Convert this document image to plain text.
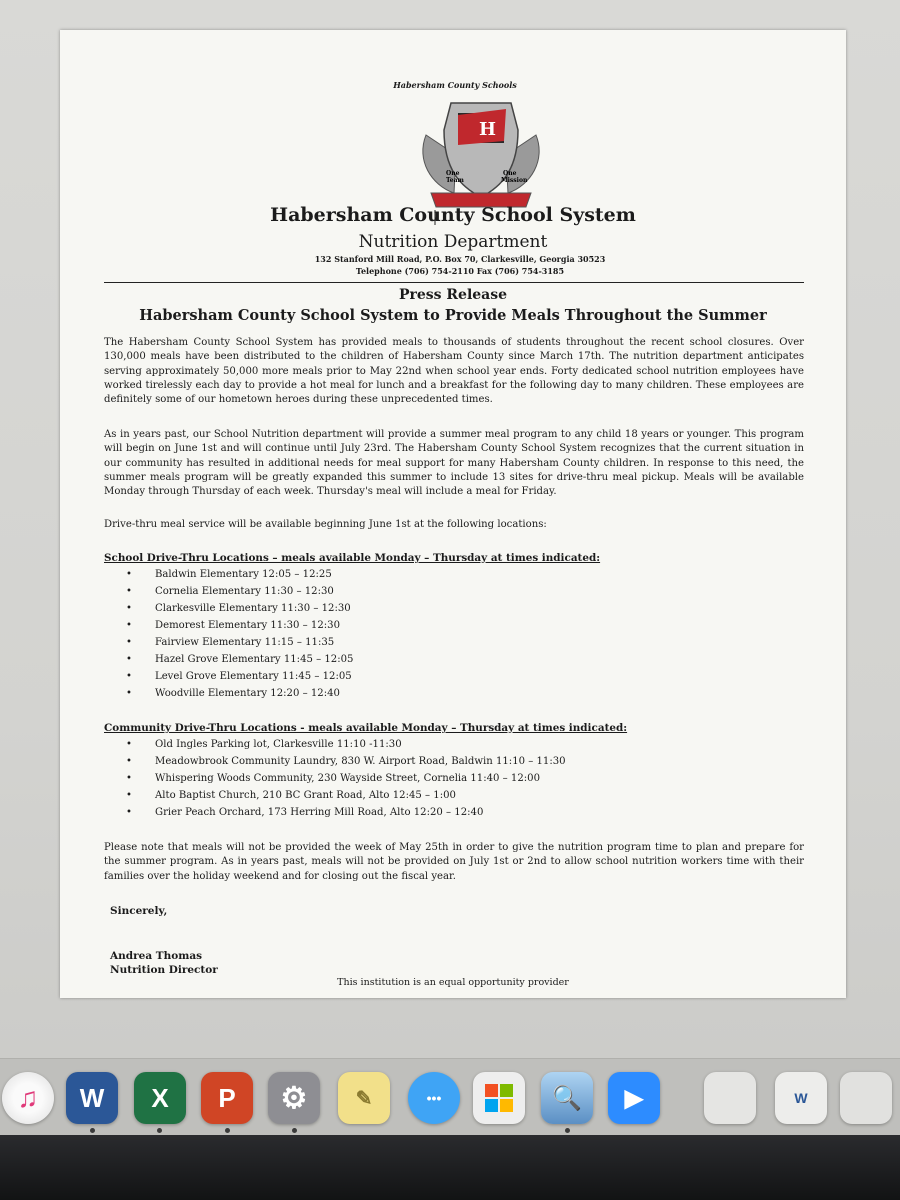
Habersham County Schools
H
One
Team
One
Mission
Habersham County School System
Nutrition Department
132 Stanford Mill Road, P.O. Box 70, Clarkesville, Georgia 30523
Telephone (706) 754-2110 Fax (706) 754-3185
Press Release
Habersham County School System to Provide Meals Throughout the Summer
The Habersham County School System has provided meals to thousands of students throughout the recent school closures. Over 130,000 meals have been distributed to the children of Habersham County since March 17th. The nutrition department anticipates serving approximately 50,000 more meals prior to May 22nd when school year ends. Forty dedicated school nutrition employees have worked tirelessly each day to provide a hot meal for lunch and a breakfast for the following day to many children. These employees are definitely some of our hometown heroes during these unprecedented times.
As in years past, our School Nutrition department will provide a summer meal program to any child 18 years or younger. This program will begin on June 1st and will continue until July 23rd. The Habersham County School System recognizes that the current situation in our community has resulted in additional needs for meal support for many Habersham County children. In response to this need, the summer meals program will be greatly expanded this summer to include 13 sites for drive-thru meal pickup. Meals will be available Monday through Thursday of each week. Thursday's meal will include a meal for Friday.
Drive-thru meal service will be available beginning June 1st at the following locations:
School Drive-Thru Locations – meals available Monday – Thursday at times indicated:
• Baldwin Elementary 12:05 – 12:25
• Cornelia Elementary 11:30 – 12:30
• Clarkesville Elementary 11:30 – 12:30
• Demorest Elementary 11:30 – 12:30
• Fairview Elementary 11:15 – 11:35
• Hazel Grove Elementary 11:45 – 12:05
• Level Grove Elementary 11:45 – 12:05
• Woodville Elementary 12:20 – 12:40
Community Drive-Thru Locations - meals available Monday – Thursday at times indicated:
• Old Ingles Parking lot, Clarkesville 11:10 -11:30
• Meadowbrook Community Laundry, 830 W. Airport Road, Baldwin 11:10 – 11:30
• Whispering Woods Community, 230 Wayside Street, Cornelia 11:40 – 12:00
• Alto Baptist Church, 210 BC Grant Road, Alto 12:45 – 1:00
• Grier Peach Orchard, 173 Herring Mill Road, Alto 12:20 – 12:40
Please note that meals will not be provided the week of May 25th in order to give the nutrition program time to plan and prepare for the summer program. As in years past, meals will not be provided on July 1st or 2nd to allow school nutrition workers time with their families over the holiday weekend and for closing out the fiscal year.
Sincerely,
Andrea Thomas
Nutrition Director
This institution is an equal opportunity provider
♫	W X P	⚙	✎	•••	🔍	▶	W
